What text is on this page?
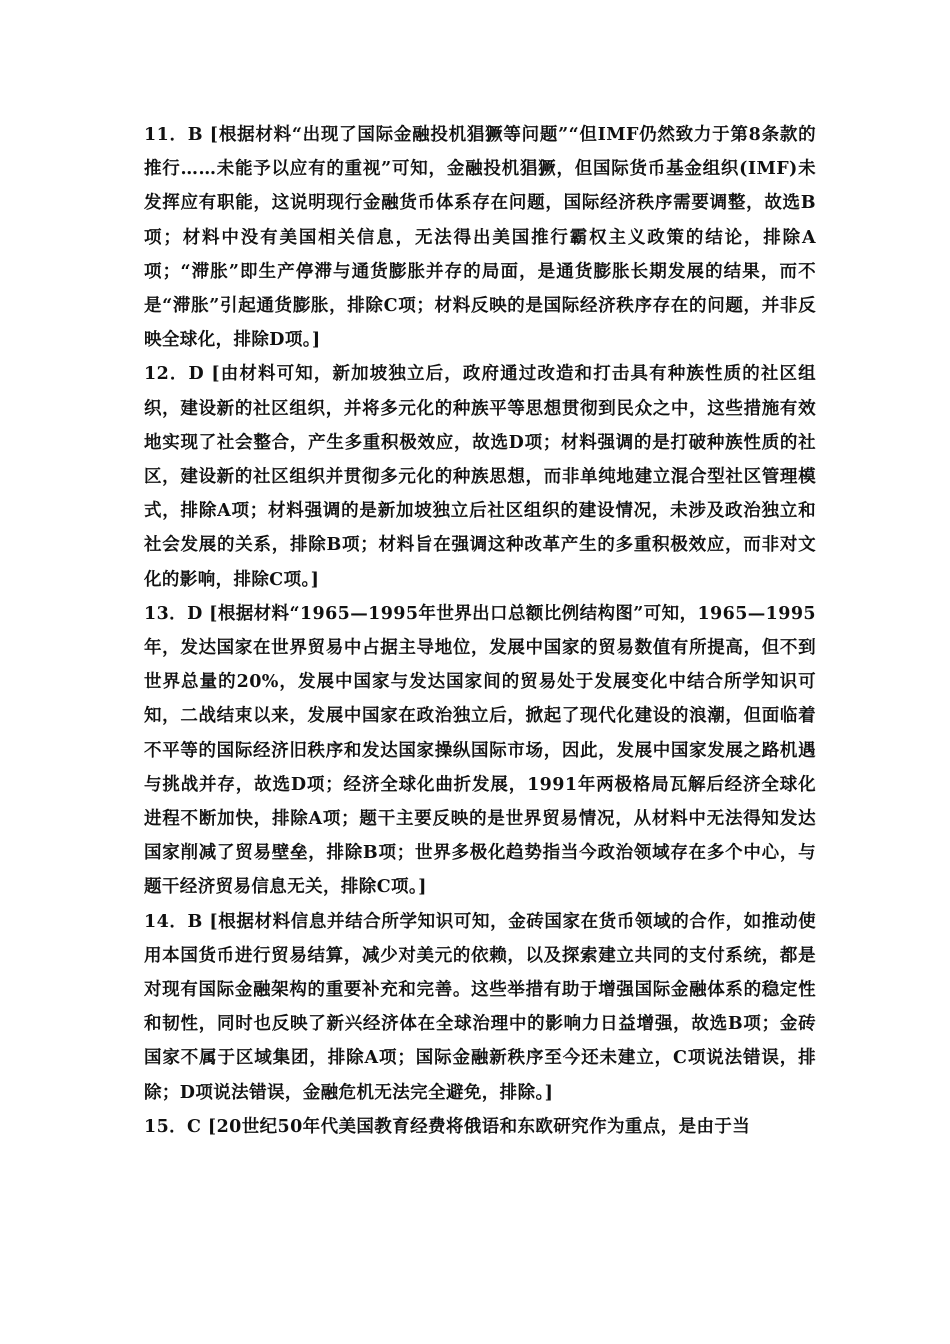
11．B [根据材料“出现了国际金融投机猖獗等问题”“但IMF仍然致力于第8条款的推行……未能予以应有的重视”可知，金融投机猖獗，但国际货币基金组织(IMF)未发挥应有职能，这说明现行金融货币体系存在问题，国际经济秩序需要调整，故选B项；材料中没有美国相关信息，无法得出美国推行霸权主义政策的结论，排除A项；“滞胀”即生产停滞与通货膨胀并存的局面，是通货膨胀长期发展的结果，而不是“滞胀”引起通货膨胀，排除C项；材料反映的是国际经济秩序存在的问题，并非反映全球化，排除D项。]

12．D [由材料可知，新加坡独立后，政府通过改造和打击具有种族性质的社区组织，建设新的社区组织，并将多元化的种族平等思想贯彻到民众之中，这些措施有效地实现了社会整合，产生多重积极效应，故选D项；材料强调的是打破种族性质的社区，建设新的社区组织并贯彻多元化的种族思想，而非单纯地建立混合型社区管理模式，排除A项；材料强调的是新加坡独立后社区组织的建设情况，未涉及政治独立和社会发展的关系，排除B项；材料旨在强调这种改革产生的多重积极效应，而非对文化的影响，排除C项。]

13．D [根据材料“1965—1995年世界出口总额比例结构图”可知，1965—1995年，发达国家在世界贸易中占据主导地位，发展中国家的贸易数值有所提高，但不到世界总量的20%，发展中国家与发达国家间的贸易处于发展变化中结合所学知识可知，二战结束以来，发展中国家在政治独立后，掀起了现代化建设的浪潮，但面临着不平等的国际经济旧秩序和发达国家操纵国际市场，因此，发展中国家发展之路机遇与挑战并存，故选D项；经济全球化曲折发展，1991年两极格局瓦解后经济全球化进程不断加快，排除A项；题干主要反映的是世界贸易情况，从材料中无法得知发达国家削减了贸易壁垒，排除B项；世界多极化趋势指当今政治领域存在多个中心，与题干经济贸易信息无关，排除C项。]

14．B [根据材料信息并结合所学知识可知，金砖国家在货币领域的合作，如推动使用本国货币进行贸易结算，减少对美元的依赖，以及探索建立共同的支付系统，都是对现有国际金融架构的重要补充和完善。这些举措有助于增强国际金融体系的稳定性和韧性，同时也反映了新兴经济体在全球治理中的影响力日益增强，故选B项；金砖国家不属于区域集团，排除A项；国际金融新秩序至今还未建立，C项说法错误，排除；D项说法错误，金融危机无法完全避免，排除。]

15．C [20世纪50年代美国教育经费将俄语和东欧研究作为重点，是由于当
